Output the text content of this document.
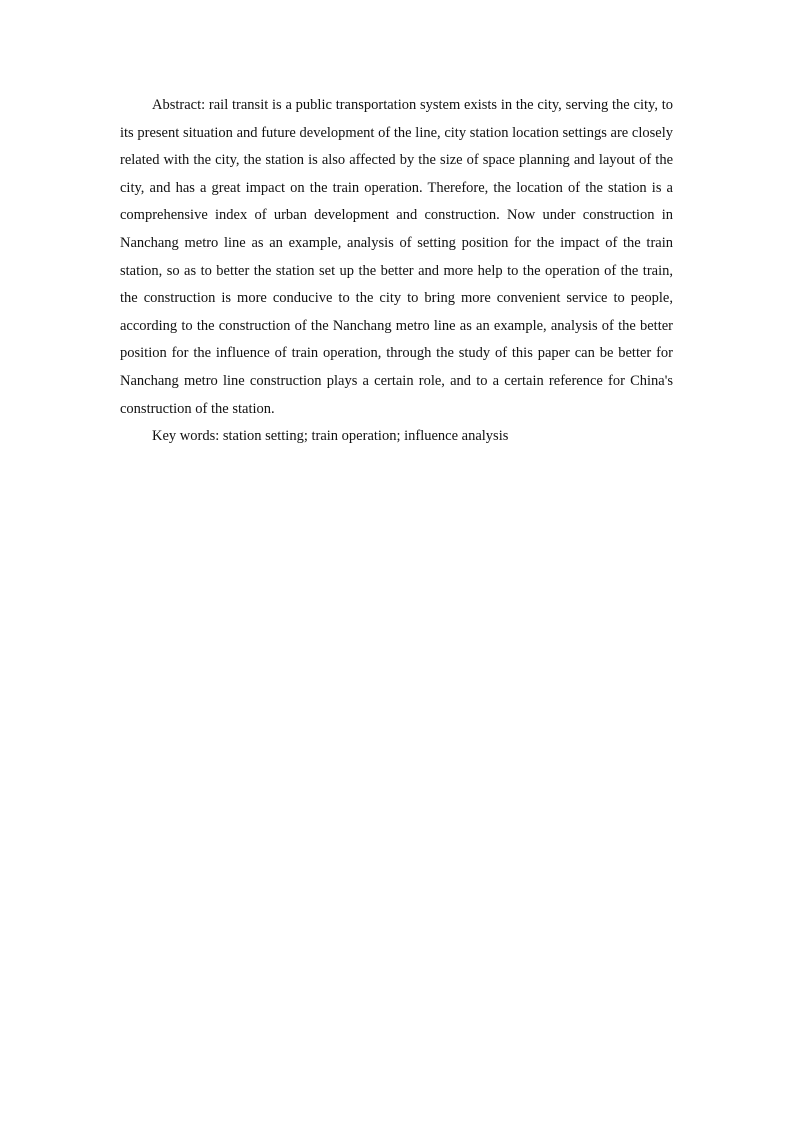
Abstract: rail transit is a public transportation system exists in the city, serving the city, to its present situation and future development of the line, city station location settings are closely related with the city, the station is also affected by the size of space planning and layout of the city, and has a great impact on the train operation. Therefore, the location of the station is a comprehensive index of urban development and construction. Now under construction in Nanchang metro line as an example, analysis of setting position for the impact of the train station, so as to better the station set up the better and more help to the operation of the train, the construction is more conducive to the city to bring more convenient service to people, according to the construction of the Nanchang metro line as an example, analysis of the better position for the influence of train operation, through the study of this paper can be better for Nanchang metro line construction plays a certain role, and to a certain reference for China's construction of the station.

Key words: station setting; train operation; influence analysis
